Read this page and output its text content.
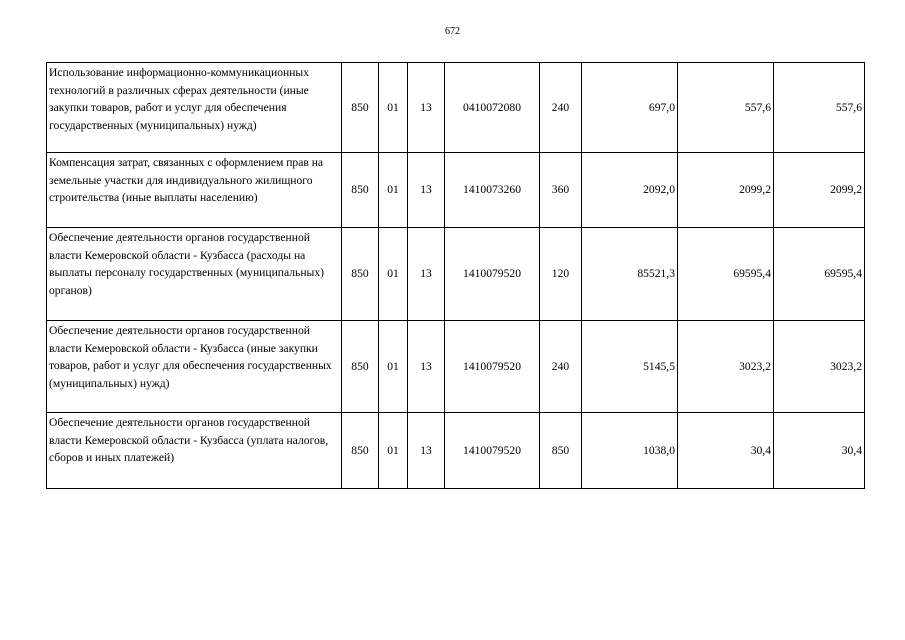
672
Использование информационно-коммуникационных технологий в различных сферах деятельности (иные закупки товаров, работ и услуг для обеспечения государственных (муниципальных) нужд)	850	01	13	0410072080	240	697,0	557,6	557,6
Компенсация затрат, связанных с оформлением прав на земельные участки для индивидуального жилищного строительства (иные выплаты населению)	850	01	13	1410073260	360	2092,0	2099,2	2099,2
Обеспечение деятельности органов государственной власти Кемеровской области - Кузбасса (расходы на выплаты персоналу государственных (муниципальных) органов)	850	01	13	1410079520	120	85521,3	69595,4	69595,4
Обеспечение деятельности органов государственной власти Кемеровской области - Кузбасса (иные закупки товаров, работ и услуг для обеспечения государственных (муниципальных) нужд)	850	01	13	1410079520	240	5145,5	3023,2	3023,2
Обеспечение деятельности органов государственной власти Кемеровской области - Кузбасса (уплата налогов, сборов и иных платежей)	850	01	13	1410079520	850	1038,0	30,4	30,4
